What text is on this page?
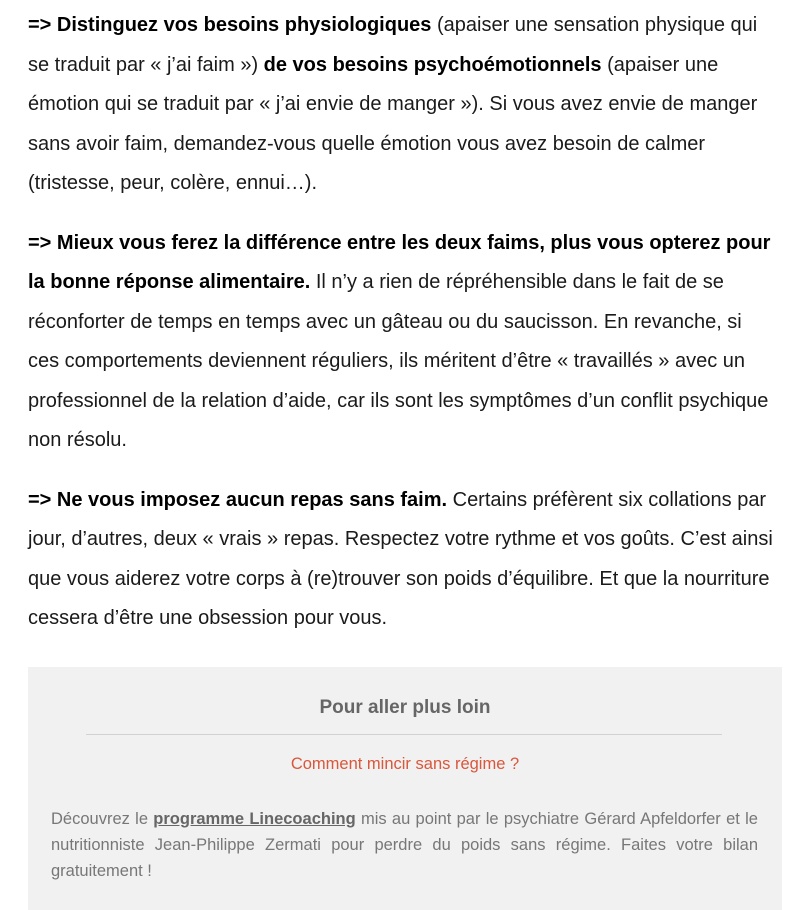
=> Distinguez vos besoins physiologiques (apaiser une sensation physique qui se traduit par « j’ai faim ») de vos besoins psychoémotionnels (apaiser une émotion qui se traduit par « j’ai envie de manger »). Si vous avez envie de manger sans avoir faim, demandez-vous quelle émotion vous avez besoin de calmer (tristesse, peur, colère, ennui…).

=> Mieux vous ferez la différence entre les deux faims, plus vous opterez pour la bonne réponse alimentaire. Il n’y a rien de répréhensible dans le fait de se réconforter de temps en temps avec un gâteau ou du saucisson. En revanche, si ces comportements deviennent réguliers, ils méritent d’être « travaillés » avec un professionnel de la relation d’aide, car ils sont les symptômes d’un conflit psychique non résolu.

=> Ne vous imposez aucun repas sans faim. Certains préfèrent six collations par jour, d’autres, deux « vrais » repas. Respectez votre rythme et vos goûts. C’est ainsi que vous aiderez votre corps à (re)trouver son poids d’équilibre. Et que la nourriture cessera d’être une obsession pour vous.

Pour aller plus loin
Comment mincir sans régime ?

Découvrez le programme Linecoaching mis au point par le psychiatre Gérard Apfeldorfer et le nutritionniste Jean-Philippe Zermati pour perdre du poids sans régime. Faites votre bilan gratuitement !
